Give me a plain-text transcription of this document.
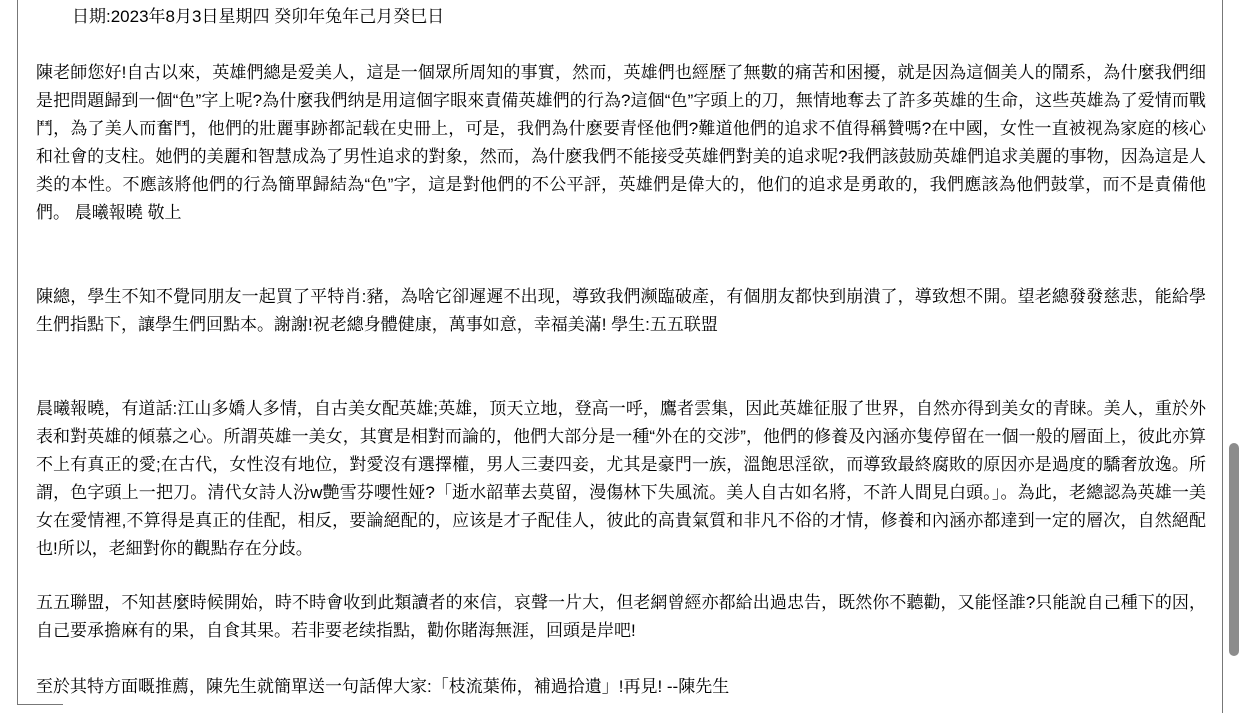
日期:2023年8月3日星期四 癸卯年兔年己月癸巳日

陳老師您好!自古以來，英雄們總是爱美人，這是一個眾所周知的事實，然而，英雄們也經歷了無數的痛苦和困擾，就是因為這個美人的鬧系，為什麼我們细是把問題歸到一個“色”字上呢?為什麼我們纳是用這個字眼來責備英雄們的行為?這個“色”字頭上的刀，無情地奪去了許多英雄的生命，这些英雄為了爱情而戰鬥，為了美人而奮鬥，他們的壯麗事跡都記载在史冊上，可是，我們為什麽要青怪他們?難道他們的追求不值得稱贊嗎?在中國，女性一直被视為家庭的核心和社會的支柱。她們的美麗和智慧成為了男性追求的對象，然而，為什麽我們不能接受英雄們對美的追求呢?我們該鼓励英雄們追求美麗的事物，因為這是人类的本性。不應該將他們的行為簡單歸結為“色”字，這是對他們的不公平評，英雄們是偉大的，他们的追求是勇敢的，我們應該為他們鼓掌，而不是責備他們。 晨曦報曉 敬上

陳總，學生不知不覺同朋友一起買了平特肖:豬，為啥它卻遲遲不出现，導致我們濒臨破產，有個朋友都快到崩潰了，導致想不開。望老總發發慈悲，能給學生們指點下，讓學生們回點本。謝謝!祝老總身體健康，萬事如意，幸福美滿! 學生:五五联盟

晨曦報曉，有道話:江山多嬌人多情，自古美女配英雄;英雄，顶天立地，登高一呼，鷹者雲集，因此英雄征服了世界，自然亦得到美女的青睐。美人，重於外表和對英雄的傾慕之心。所謂英雄一美女，其實是相對而論的，他們大部分是一種“外在的交涉”，他們的修養及內涵亦隻停留在一個一般的層面上，彼此亦算不上有真正的愛;在古代，女性沒有地位，對愛沒有選擇權，男人三妻四妾，尤其是豪門一族，溫飽思淫欲，而導致最終腐敗的原因亦是過度的驕奢放逸。所謂，色字頭上一把刀。清代女詩人汾w艷雪芬嚶性娅?「逝水韶華去莫留，漫傷林下失風流。美人自古如名將，不許人間見白頭。」。為此，老總認為英雄一美女在愛情裡,不算得是真正的佳配，相反，要論絕配的，应该是才子配佳人，彼此的高貴氣質和非凡不俗的才情，修養和內涵亦都達到一定的層次，自然絕配也!所以，老細對你的觀點存在分歧。

五五聯盟，不知甚麼時候開始，時不時會收到此類讀者的來信，哀聲一片大，但老網曾經亦都給出過忠告，既然你不聽勸，又能怪誰?只能說自己種下的因，自己要承擔麻有的果，自食其果。若非要老续指點，勸你賭海無涯，回頭是岸吧!

至於其特方面嘅推薦，陳先生就簡單送一句話俾大家:「枝流葉佈，補過拾遺」!再見! --陳先生
